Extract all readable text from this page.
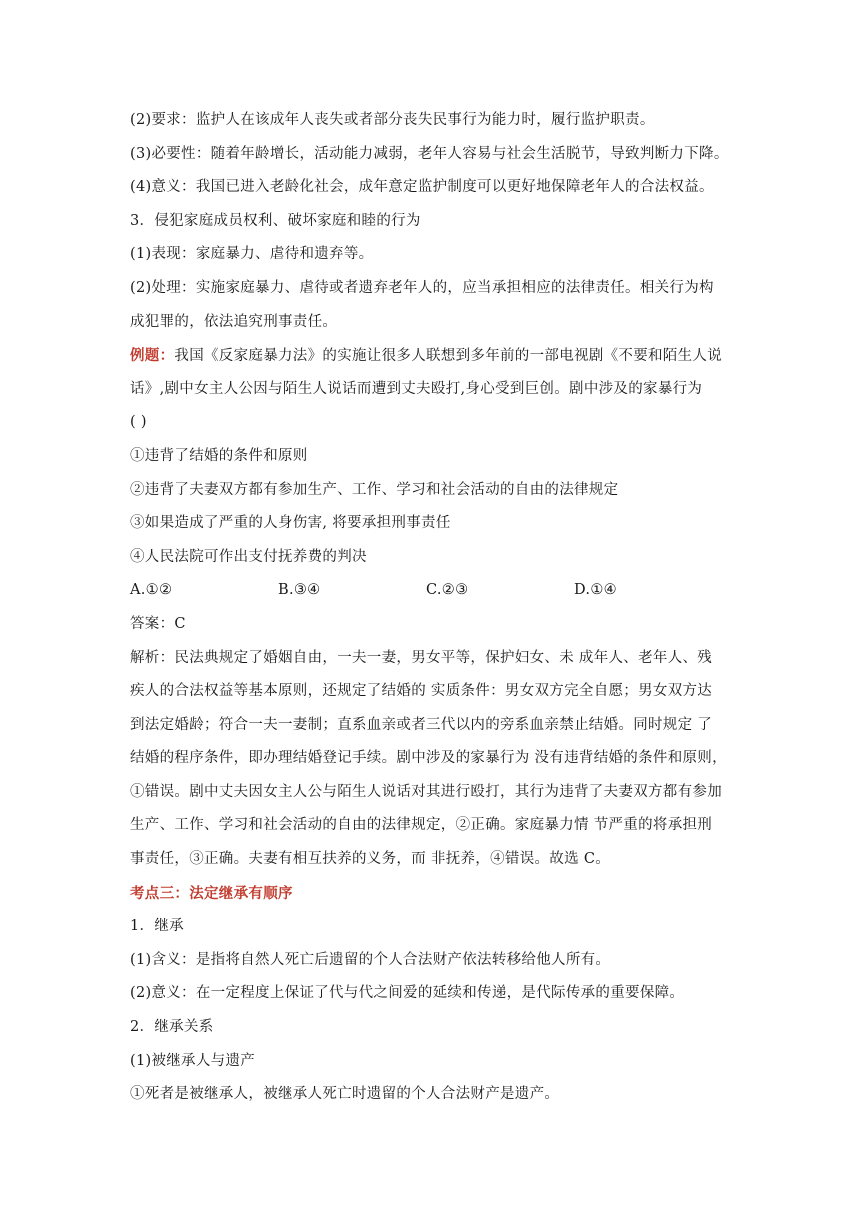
(2)要求：监护人在该成年人丧失或者部分丧失民事行为能力时，履行监护职责。
(3)必要性：随着年龄增长，活动能力减弱，老年人容易与社会生活脱节，导致判断力下降。
(4)意义：我国已进入老龄化社会，成年意定监护制度可以更好地保障老年人的合法权益。
3．侵犯家庭成员权利、破坏家庭和睦的行为
(1)表现：家庭暴力、虐待和遗弃等。
(2)处理：实施家庭暴力、虐待或者遗弃老年人的，应当承担相应的法律责任。相关行为构
成犯罪的，依法追究刑事责任。
例题：我国《反家庭暴力法》的实施让很多人联想到多年前的一部电视剧《不要和陌生人说
话》,剧中女主人公因与陌生人说话而遭到丈夫殴打,身心受到巨创。剧中涉及的家暴行为
( )
①违背了结婚的条件和原则
②违背了夫妻双方都有参加生产、工作、学习和社会活动的自由的法律规定
③如果造成了严重的人身伤害, 将要承担刑事责任
④人民法院可作出支付抚养费的判决
A.①②	B.③④	C.②③	D.①④
答案：C
解析：民法典规定了婚姻自由，一夫一妻，男女平等，保护妇女、未 成年人、老年人、残
疾人的合法权益等基本原则，还规定了结婚的 实质条件：男女双方完全自愿；男女双方达
到法定婚龄；符合一夫一妻制；直系血亲或者三代以内的旁系血亲禁止结婚。同时规定 了
结婚的程序条件，即办理结婚登记手续。剧中涉及的家暴行为 没有违背结婚的条件和原则，
①错误。剧中丈夫因女主人公与陌生人说话对其进行殴打，其行为违背了夫妻双方都有参加
生产、工作、学习和社会活动的自由的法律规定，②正确。家庭暴力情 节严重的将承担刑
事责任，③正确。夫妻有相互扶养的义务，而 非抚养，④错误。故选 C。
考点三：法定继承有顺序
1．继承
(1)含义：是指将自然人死亡后遗留的个人合法财产依法转移给他人所有。
(2)意义：在一定程度上保证了代与代之间爱的延续和传递，是代际传承的重要保障。
2．继承关系
(1)被继承人与遗产
①死者是被继承人，被继承人死亡时遗留的个人合法财产是遗产。
